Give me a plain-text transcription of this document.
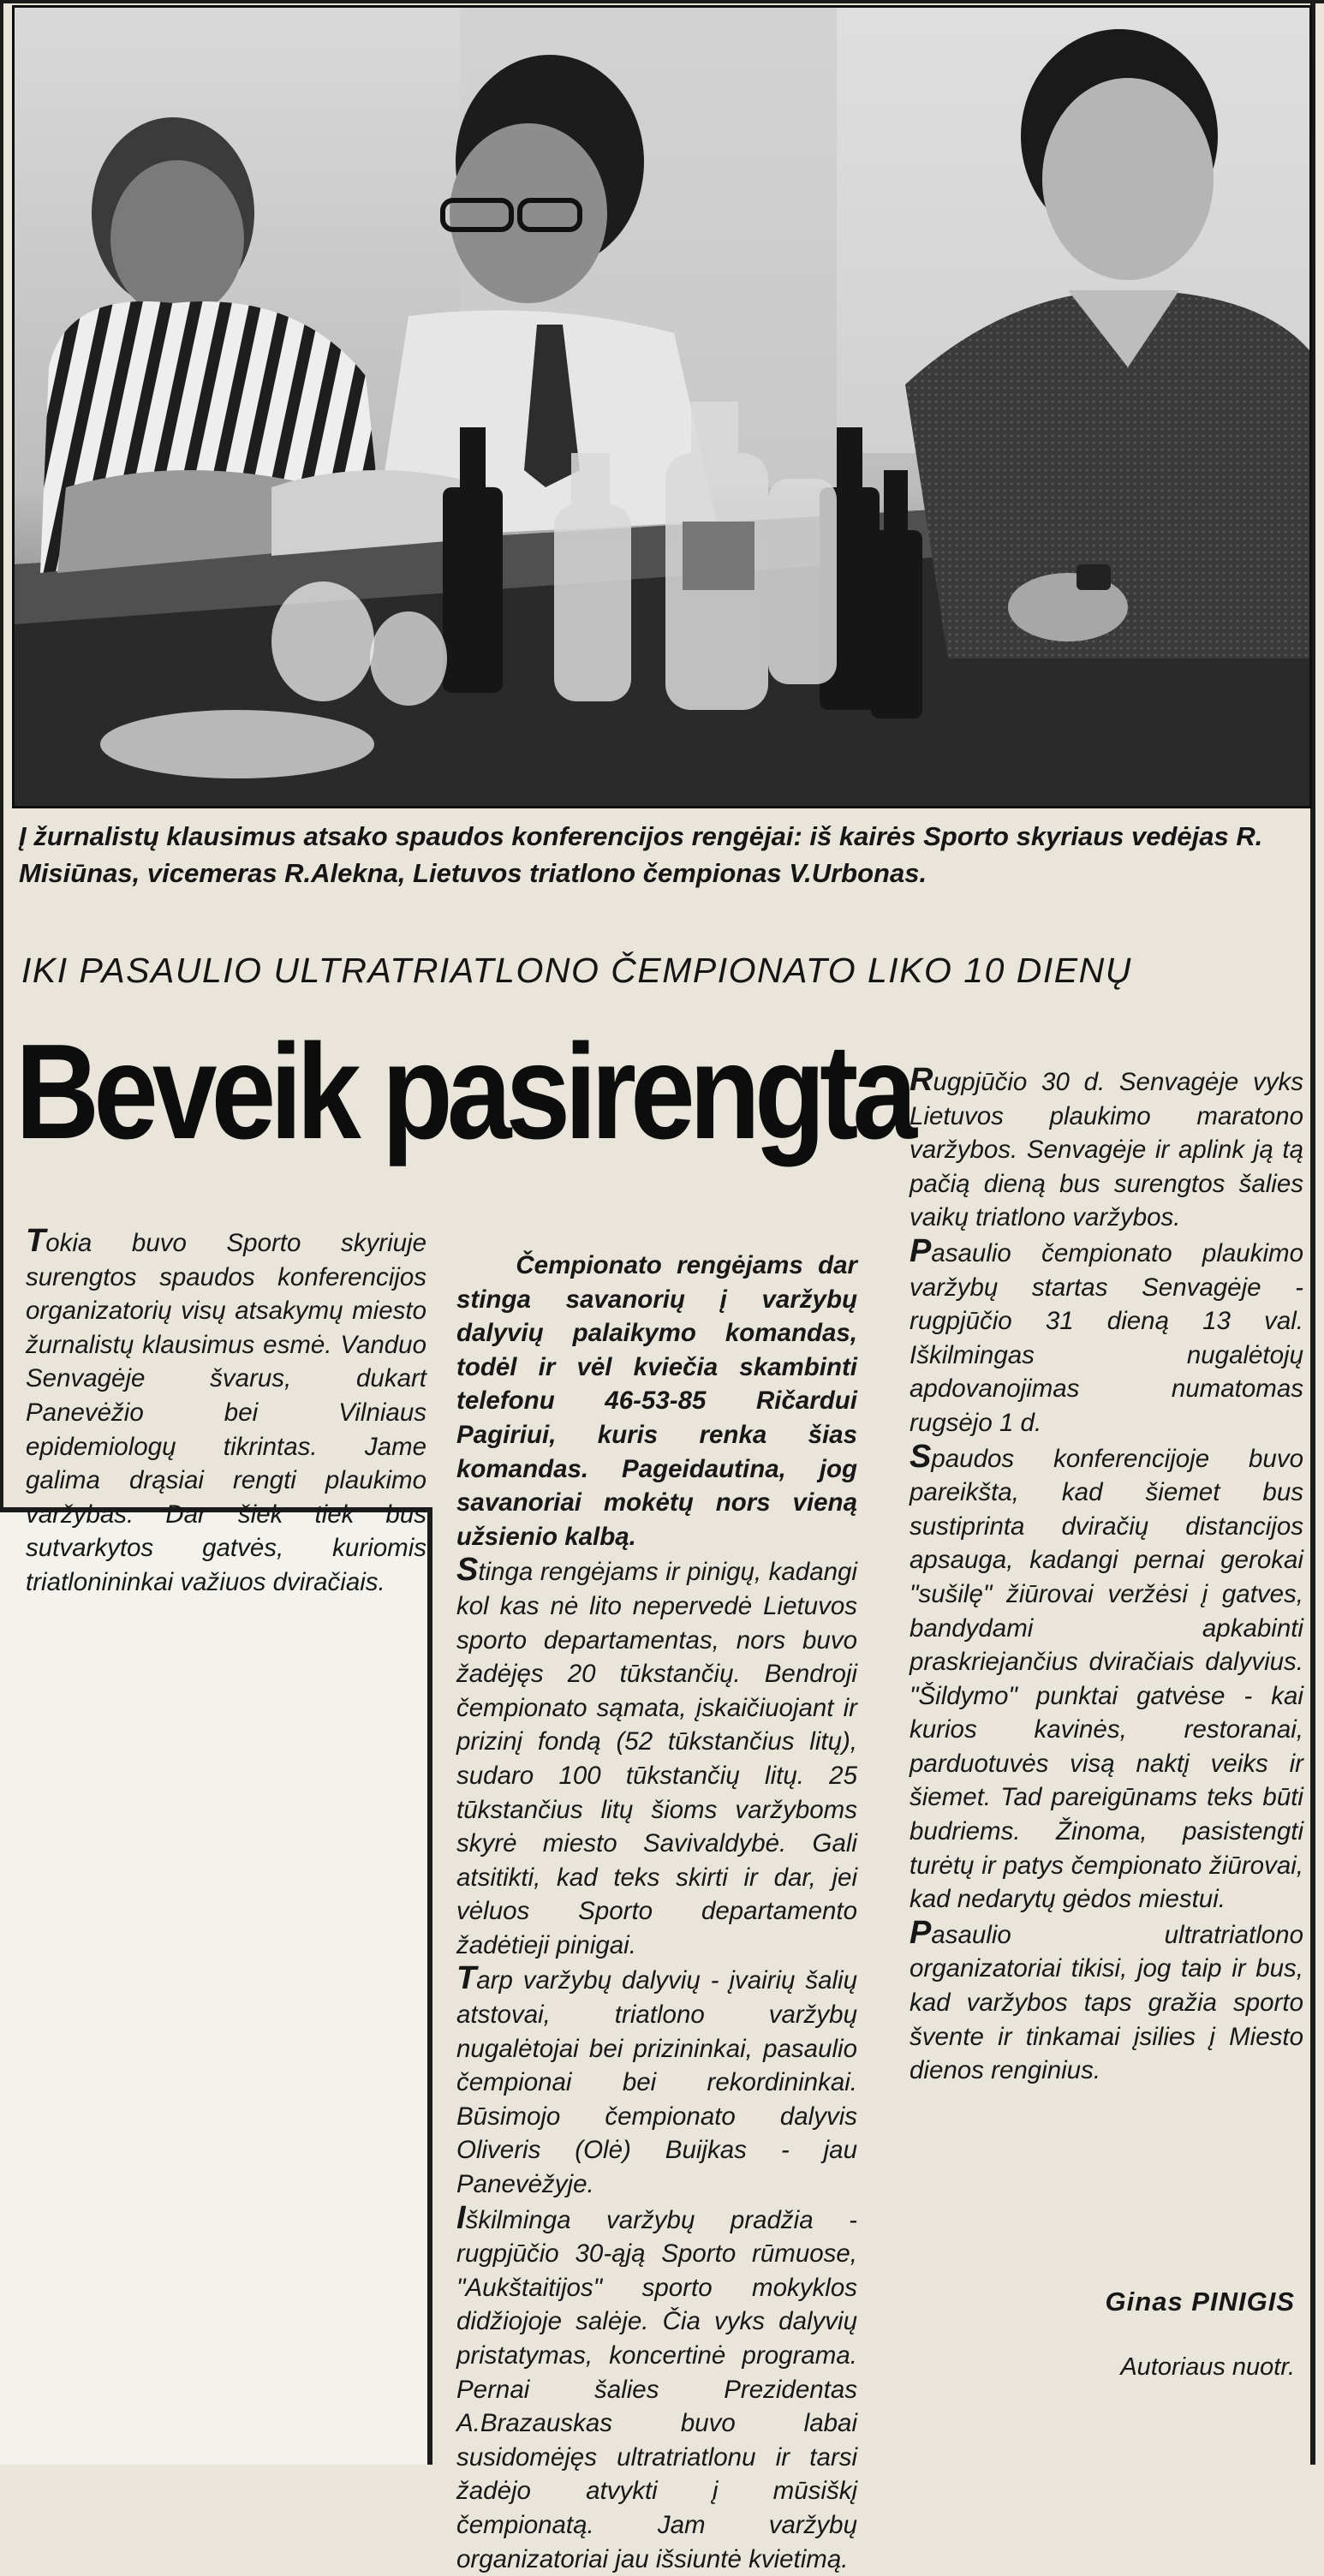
Į žurnalistų klausimus atsako spaudos konferencijos rengėjai: iš kairės Sporto skyriaus vedėjas R. Misiūnas, vicemeras R.Alekna, Lietuvos triatlono čempionas V.Urbonas.
IKI PASAULIO ULTRATRIATLONO ČEMPIONATO LIKO 10 DIENŲ
Beveik pasirengta

Tokia buvo Sporto skyriuje surengtos spaudos konferencijos organizatorių visų atsakymų miesto žurnalistų klausimus esmė. Vanduo Senvagėje švarus, dukart Panevėžio bei Vilniaus epidemiologų tikrintas. Jame galima drąsiai rengti plaukimo varžybas. Dar šiek tiek bus sutvarkytos gatvės, kuriomis triatlonininkai važiuos dviračiais.

Čempionato rengėjams dar stinga savanorių į varžybų dalyvių palaikymo komandas, todėl ir vėl kviečia skambinti telefonu 46-53-85 Ričardui Pagiriui, kuris renka šias komandas. Pageidautina, jog savanoriai mokėtų nors vieną užsienio kalbą.

Stinga rengėjams ir pinigų, kadangi kol kas nė lito nepervedė Lietuvos sporto departamentas, nors buvo žadėjęs 20 tūkstančių. Bendroji čempionato sąmata, įskaičiuojant ir prizinį fondą (52 tūkstančius litų), sudaro 100 tūkstančių litų. 25 tūkstančius litų šioms varžyboms skyrė miesto Savivaldybė. Gali atsitikti, kad teks skirti ir dar, jei vėluos Sporto departamento žadėtieji pinigai.

Tarp varžybų dalyvių - įvairių šalių atstovai, triatlono varžybų nugalėtojai bei prizininkai, pasaulio čempionai bei rekordininkai. Būsimojo čempionato dalyvis Oliveris (Olė) Buijkas - jau Panevėžyje.

Iškilminga varžybų pradžia - rugpjūčio 30-ąją Sporto rūmuose, "Aukštaitijos" sporto mokyklos didžiojoje salėje. Čia vyks dalyvių pristatymas, koncertinė programa. Pernai šalies Prezidentas A.Brazauskas buvo labai susidomėjęs ultratriatlonu ir tarsi žadėjo atvykti į mūsiškį čempionatą. Jam varžybų organizatoriai jau išsiuntė kvietimą.

Rugpjūčio 30 d. Senvagėje vyks Lietuvos plaukimo maratono varžybos. Senvagėje ir aplink ją tą pačią dieną bus surengtos šalies vaikų triatlono varžybos.

Pasaulio čempionato plaukimo varžybų startas Senvagėje - rugpjūčio 31 dieną 13 val. Iškilmingas nugalėtojų apdovanojimas numatomas rugsėjo 1 d.

Spaudos konferencijoje buvo pareikšta, kad šiemet bus sustiprinta dviračių distancijos apsauga, kadangi pernai gerokai "sušilę" žiūrovai veržėsi į gatves, bandydami apkabinti praskriejančius dviračiais dalyvius. "Šildymo" punktai gatvėse - kai kurios kavinės, restoranai, parduotuvės visą naktį veiks ir šiemet. Tad pareigūnams teks būti budriems. Žinoma, pasistengti turėtų ir patys čempionato žiūrovai, kad nedarytų gėdos miestui.

Pasaulio ultratriatlono organizatoriai tikisi, jog taip ir bus, kad varžybos taps gražia sporto švente ir tinkamai įsilies į Miesto dienos renginius.

Ginas PINIGIS
Autoriaus nuotr.
